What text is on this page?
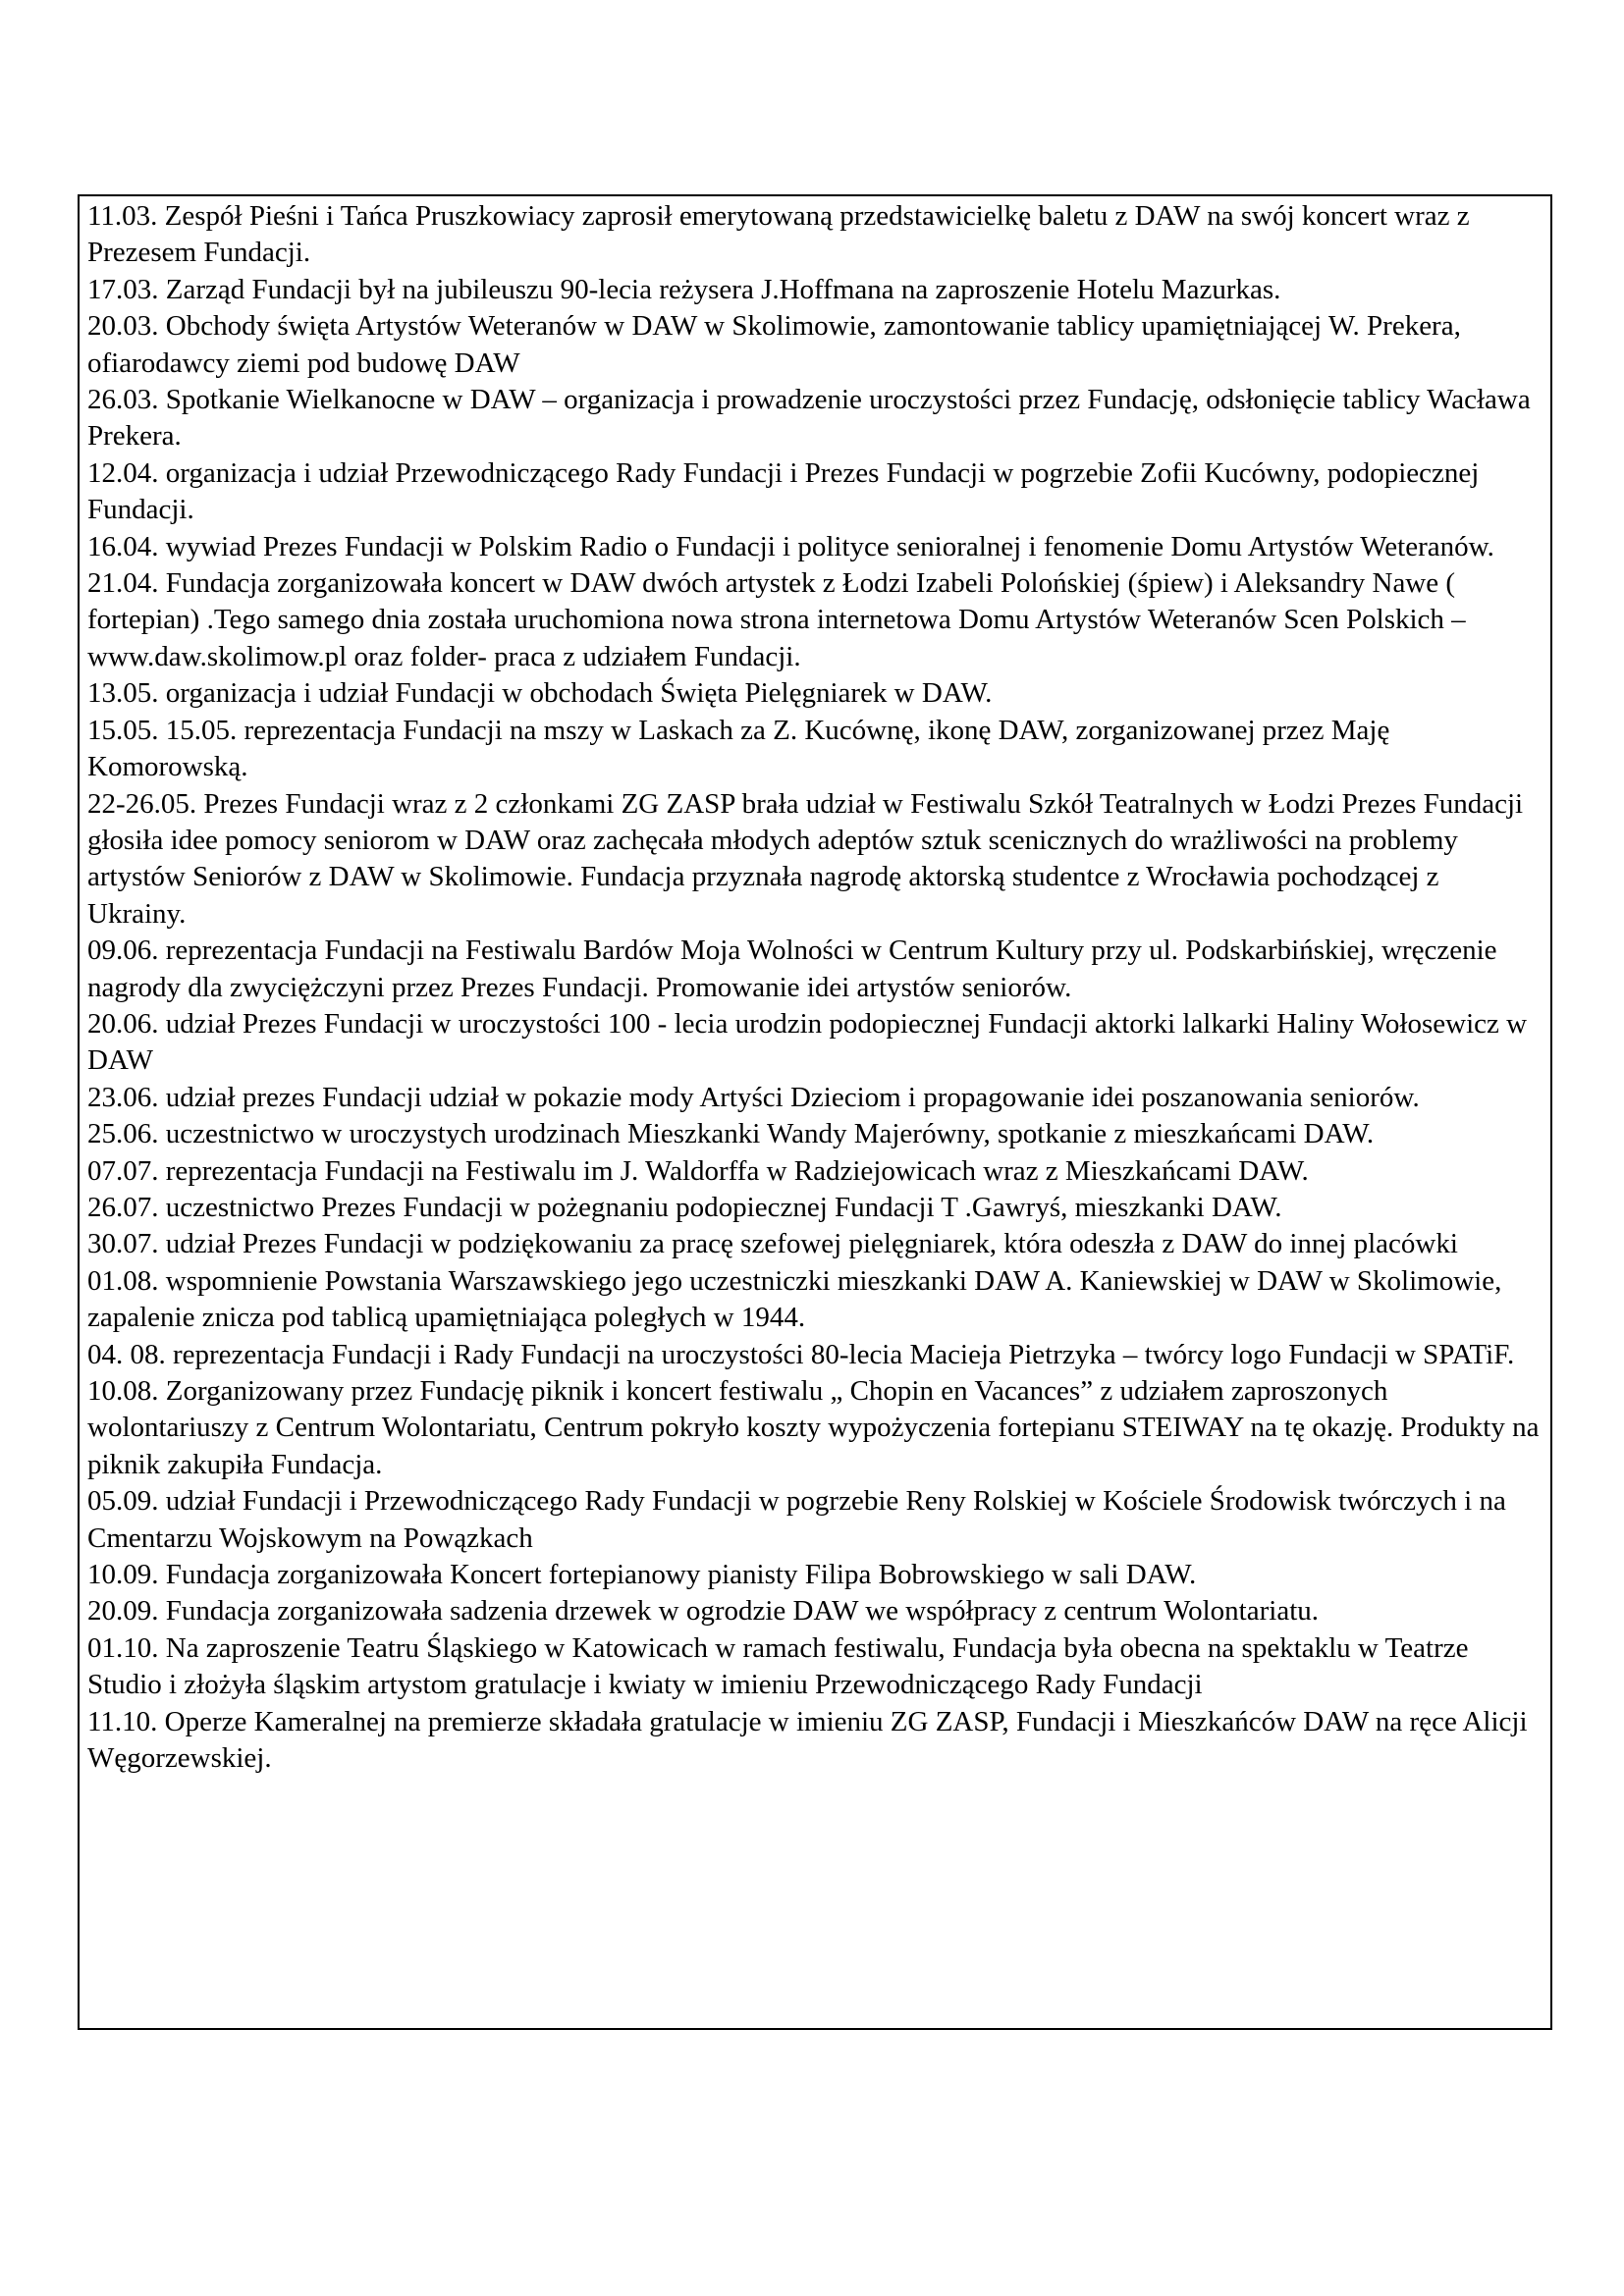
11.03. Zespół Pieśni i Tańca Pruszkowiacy zaprosił emerytowaną przedstawicielkę baletu z DAW na swój koncert wraz z Prezesem Fundacji.

17.03. Zarząd Fundacji był na jubileuszu 90-lecia reżysera J.Hoffmana na zaproszenie Hotelu Mazurkas.

20.03. Obchody święta Artystów Weteranów w DAW w Skolimowie, zamontowanie tablicy upamiętniającej W. Prekera, ofiarodawcy ziemi pod budowę DAW

26.03. Spotkanie Wielkanocne w DAW – organizacja i prowadzenie uroczystości przez Fundację, odsłonięcie tablicy Wacława Prekera.

12.04. organizacja i udział Przewodniczącego Rady Fundacji i Prezes Fundacji w pogrzebie Zofii Kucówny, podopiecznej Fundacji.

16.04. wywiad Prezes Fundacji w Polskim Radio o Fundacji i polityce senioralnej i fenomenie Domu Artystów Weteranów.

21.04. Fundacja zorganizowała koncert w DAW dwóch artystek z Łodzi Izabeli Polońskiej (śpiew) i Aleksandry Nawe ( fortepian) .Tego samego dnia została uruchomiona nowa strona internetowa Domu Artystów Weteranów Scen Polskich – www.daw.skolimow.pl oraz folder- praca z udziałem Fundacji.

13.05. organizacja i udział Fundacji w obchodach Święta Pielęgniarek w DAW.

15.05. 15.05. reprezentacja Fundacji na mszy w Laskach za Z. Kucównę, ikonę DAW, zorganizowanej przez Maję Komorowską.

22-26.05. Prezes Fundacji wraz z 2 członkami ZG ZASP brała udział w Festiwalu Szkół Teatralnych w Łodzi Prezes Fundacji głosiła idee pomocy seniorom w DAW oraz zachęcała młodych adeptów sztuk scenicznych do wrażliwości na problemy artystów Seniorów z DAW w Skolimowie. Fundacja przyznała nagrodę aktorską studentce z Wrocławia pochodzącej z Ukrainy.

09.06. reprezentacja Fundacji na Festiwalu Bardów Moja Wolności w Centrum Kultury przy ul. Podskarbińskiej, wręczenie nagrody dla zwyciężczyni przez Prezes Fundacji. Promowanie idei artystów seniorów.

20.06. udział Prezes Fundacji w uroczystości 100 - lecia urodzin podopiecznej Fundacji aktorki lalkarki Haliny Wołosewicz w DAW

23.06. udział prezes Fundacji udział w pokazie mody Artyści Dzieciom i propagowanie idei poszanowania seniorów.

25.06. uczestnictwo w uroczystych urodzinach Mieszkanki Wandy Majerówny, spotkanie z mieszkańcami DAW.

07.07. reprezentacja Fundacji na Festiwalu im J. Waldorffa w Radziejowicach wraz z Mieszkańcami DAW.

26.07. uczestnictwo Prezes Fundacji w pożegnaniu podopiecznej Fundacji T .Gawryś, mieszkanki DAW.

30.07. udział Prezes Fundacji w podziękowaniu za pracę szefowej pielęgniarek, która odeszła z DAW do innej placówki

01.08. wspomnienie Powstania Warszawskiego jego uczestniczki mieszkanki DAW A. Kaniewskiej w DAW w Skolimowie, zapalenie znicza pod tablicą upamiętniająca poległych w 1944.

04. 08. reprezentacja Fundacji i Rady Fundacji na uroczystości 80-lecia Macieja Pietrzyka – twórcy logo Fundacji w SPATiF.

10.08. Zorganizowany przez Fundację piknik i koncert festiwalu „ Chopin en Vacances” z udziałem zaproszonych wolontariuszy z Centrum Wolontariatu, Centrum pokryło koszty wypożyczenia fortepianu STEIWAY na tę okazję. Produkty na piknik zakupiła Fundacja.

05.09. udział Fundacji i Przewodniczącego Rady Fundacji w pogrzebie Reny Rolskiej w Kościele Środowisk twórczych i na Cmentarzu Wojskowym na Powązkach

10.09. Fundacja zorganizowała Koncert fortepianowy pianisty Filipa Bobrowskiego w sali DAW.

20.09. Fundacja zorganizowała sadzenia drzewek w ogrodzie DAW we współpracy z centrum Wolontariatu.

01.10. Na zaproszenie Teatru Śląskiego w Katowicach w ramach festiwalu, Fundacja była obecna na spektaklu w Teatrze Studio i złożyła śląskim artystom gratulacje i kwiaty w imieniu Przewodniczącego Rady Fundacji

11.10. Operze Kameralnej na premierze składała gratulacje w imieniu ZG ZASP, Fundacji i Mieszkańców DAW na ręce Alicji Węgorzewskiej.
